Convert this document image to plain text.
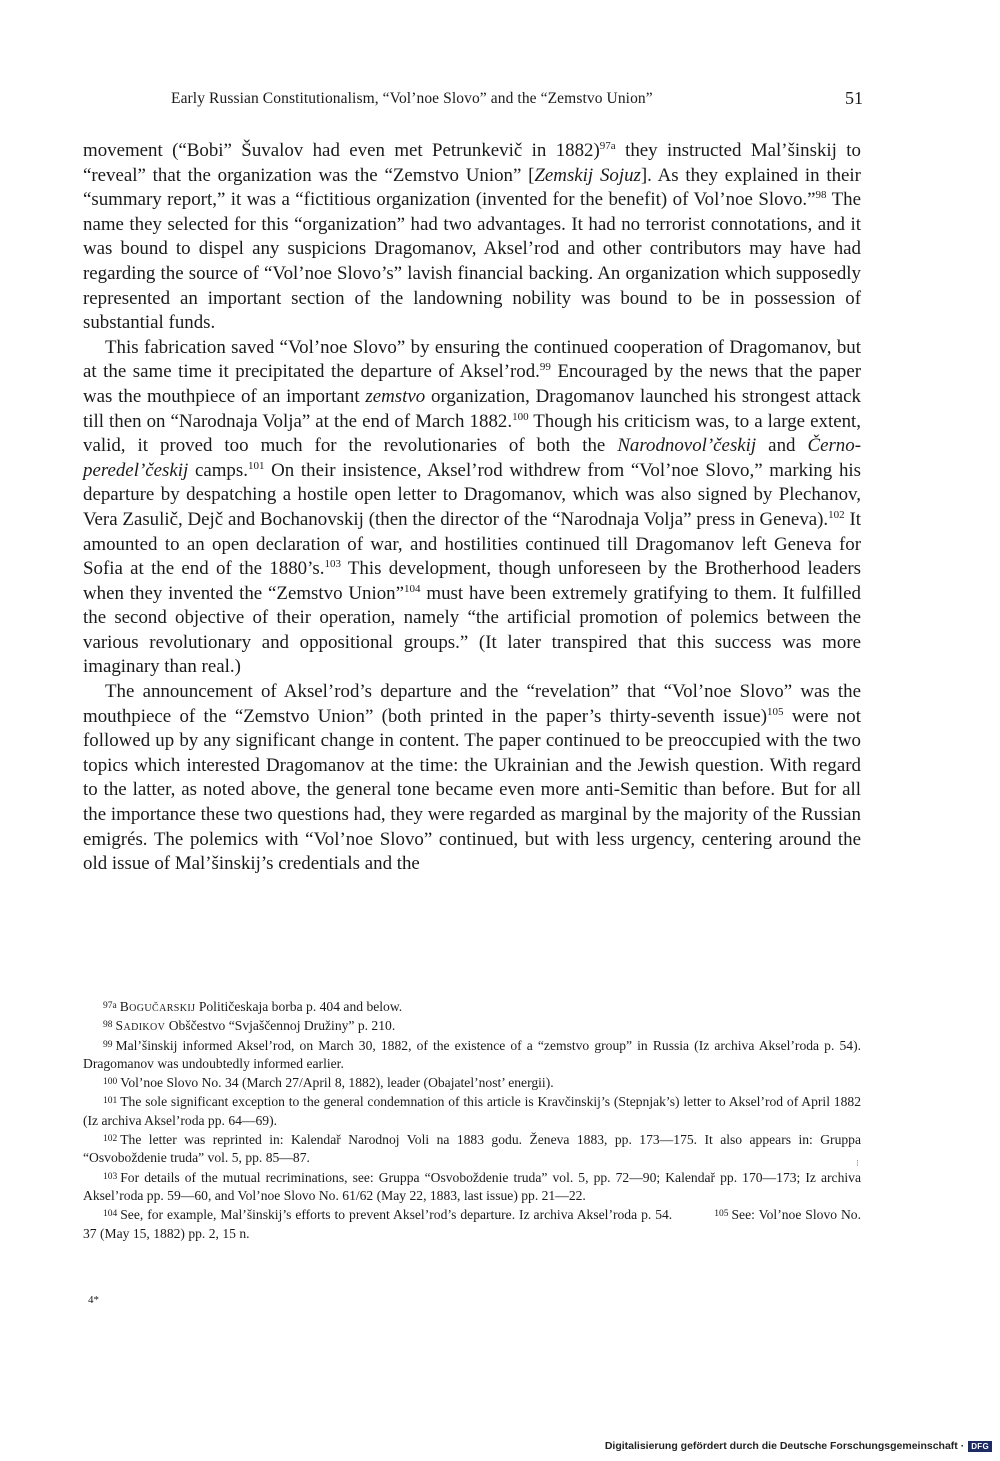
Early Russian Constitutionalism, “Vol’noe Slovo” and the “Zemstvo Union”	51

movement (“Bobi” Šuvalov had even met Petrunkevič in 1882)$^{97a}$ they instructed Mal’šinskij to “reveal” that the organization was the “Zemstvo Union” [Zemskij Sojuz]. As they explained in their “summary report,” it was a “fictitious organization (invented for the benefit) of Vol’noe Slovo.”$^{98}$ The name they selected for this “organization” had two advantages. It had no terrorist connotations, and it was bound to dispel any suspicions Dragomanov, Aksel’rod and other contributors may have had regarding the source of “Vol’noe Slovo’s” lavish financial backing. An organization which supposedly represented an important section of the landowning nobility was bound to be in possession of substantial funds.

This fabrication saved “Vol’noe Slovo” by ensuring the continued cooperation of Dragomanov, but at the same time it precipitated the departure of Aksel’rod.$^{99}$ Encouraged by the news that the paper was the mouthpiece of an important zemstvo organization, Dragomanov launched his strongest attack till then on “Narodnaja Volja” at the end of March 1882.$^{100}$ Though his criticism was, to a large extent, valid, it proved too much for the revolutionaries of both the Narodnovol’českij and Černo-peredel’českij camps.$^{101}$ On their insistence, Aksel’rod withdrew from “Vol’noe Slovo,” marking his departure by despatching a hostile open letter to Dragomanov, which was also signed by Plechanov, Vera Zasulič, Dejč and Bochanovskij (then the director of the “Narodnaja Volja” press in Geneva).$^{102}$ It amounted to an open declaration of war, and hostilities continued till Dragomanov left Geneva for Sofia at the end of the 1880’s.$^{103}$ This development, though unforeseen by the Brotherhood leaders when they invented the “Zemstvo Union”$^{104}$ must have been extremely gratifying to them. It fulfilled the second objective of their operation, namely “the artificial promotion of polemics between the various revolutionary and oppositional groups.” (It later transpired that this success was more imaginary than real.)

The announcement of Aksel’rod’s departure and the “revelation” that “Vol’noe Slovo” was the mouthpiece of the “Zemstvo Union” (both printed in the paper’s thirty-seventh issue)$^{105}$ were not followed up by any significant change in content. The paper continued to be preoccupied with the two topics which interested Dragomanov at the time: the Ukrainian and the Jewish question. With regard to the latter, as noted above, the general tone became even more anti-Semitic than before. But for all the importance these two questions had, they were regarded as marginal by the majority of the Russian emigrés. The polemics with “Vol’noe Slovo” continued, but with less urgency, centering around the old issue of Mal’šinskij’s credentials and the

$^{97a}$ Bogučarskij Političeskaja borba p. 404 and below.

$^{98}$ Sadikov Obščestvo “Svjaščennoj Družiny” p. 210.

$^{99}$ Mal’šinskij informed Aksel’rod, on March 30, 1882, of the existence of a “zemstvo group” in Russia (Iz archiva Aksel’roda p. 54). Dragomanov was undoubtedly informed earlier.

$^{100}$ Vol’noe Slovo No. 34 (March 27/April 8, 1882), leader (Obajatel’nost’ energii).

$^{101}$ The sole significant exception to the general condemnation of this article is Kravčinskij’s (Stepnjak’s) letter to Aksel’rod of April 1882 (Iz archiva Aksel’roda pp. 64—69).

$^{102}$ The letter was reprinted in: Kalendař Narodnoj Voli na 1883 godu. Ženeva 1883, pp. 173—175. It also appears in: Gruppa “Osvoboždenie truda” vol. 5, pp. 85—87.

$^{103}$ For details of the mutual recriminations, see: Gruppa “Osvoboždenie truda” vol. 5, pp. 72—90; Kalendař pp. 170—173; Iz archiva Aksel’roda pp. 59—60, and Vol’noe Slovo No. 61/62 (May 22, 1883, last issue) pp. 21—22.

$^{104}$ See, for example, Mal’šinskij’s efforts to prevent Aksel’rod’s departure. Iz archiva Aksel’roda p. 54.	$^{105}$ See: Vol’noe Slovo No. 37 (May 15, 1882) pp. 2, 15 n.

⁝
4*
Digitalisierung gefördert durch die Deutsche Forschungsgemeinschaft · DFG
